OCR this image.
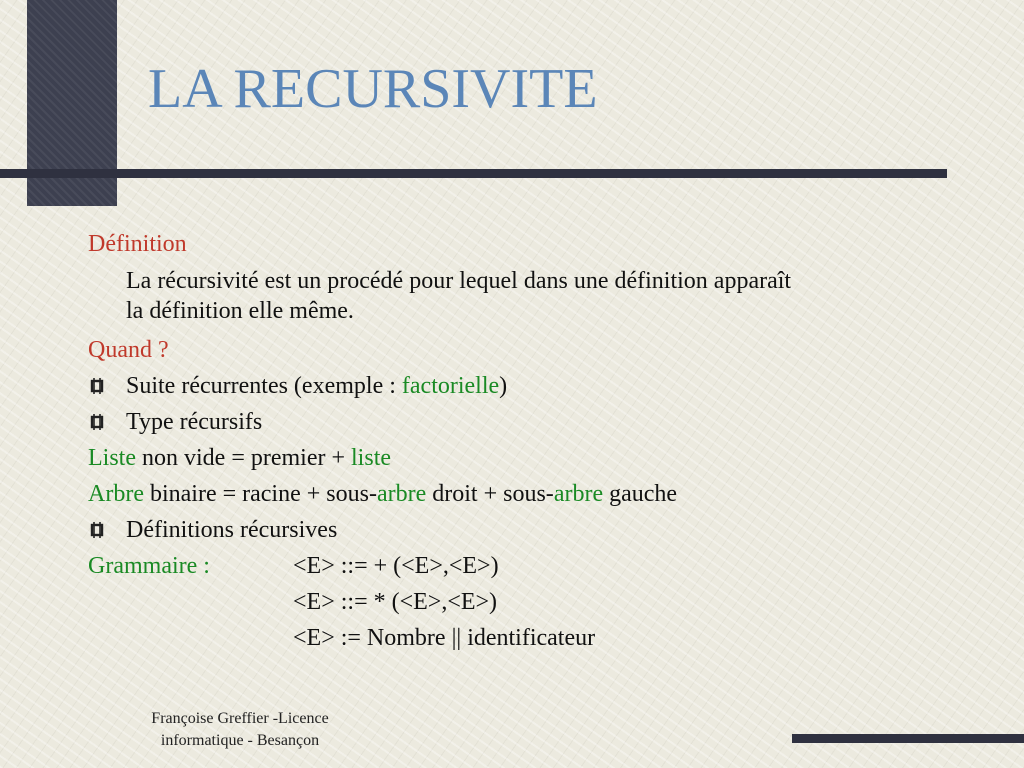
LA RECURSIVITE
Définition
La récursivité est un procédé pour lequel dans une définition apparaît
la définition elle même.
Quand ?
Suite récurrentes (exemple : factorielle)
Type récursifs
Liste non vide = premier + liste
Arbre binaire = racine + sous-arbre droit + sous-arbre gauche
Définitions récursives
Grammaire :	<E> ::= + (<E>,<E>)
<E> ::= * (<E>,<E>)
<E> := Nombre || identificateur
Françoise Greffier -Licence
informatique - Besançon
